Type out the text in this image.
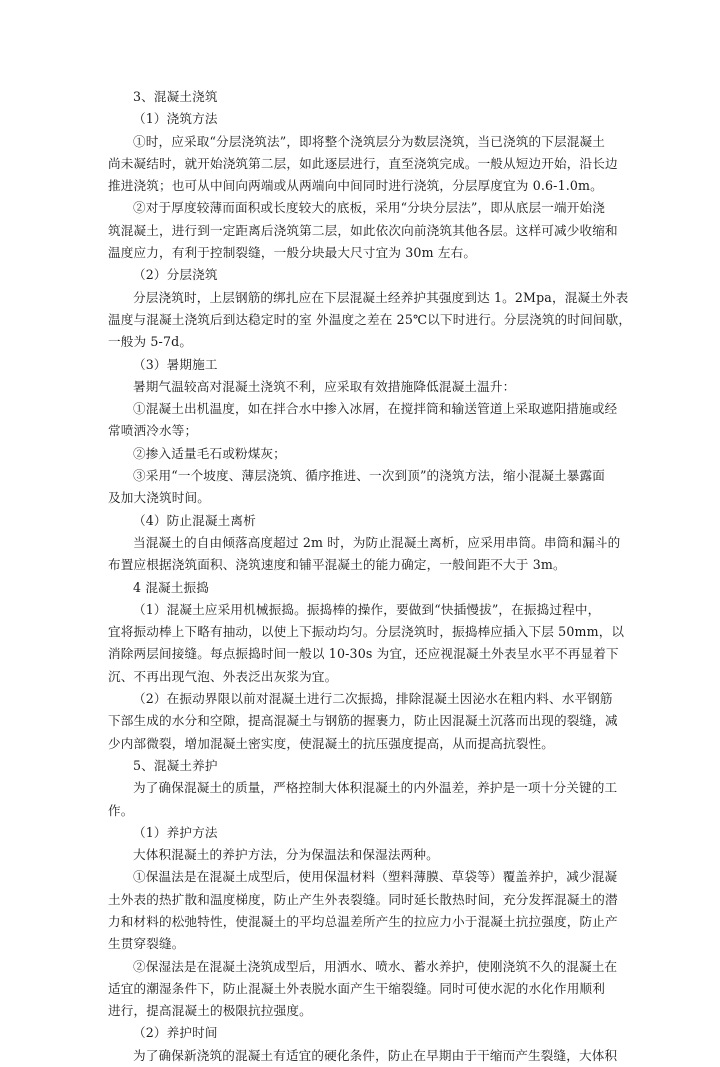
3、混凝土浇筑
（1）浇筑方法
①时，应采取“分层浇筑法”，即将整个浇筑层分为数层浇筑，当已浇筑的下层混凝土
尚未凝结时，就开始浇筑第二层，如此逐层进行，直至浇筑完成。一般从短边开始，沿长边
推进浇筑；也可从中间向两端或从两端向中间同时进行浇筑，分层厚度宜为 0.6-1.0m。
②对于厚度较薄而面积或长度较大的底板，采用“分块分层法”，即从底层一端开始浇
筑混凝土，进行到一定距离后浇筑第二层，如此依次向前浇筑其他各层。这样可减少收缩和
温度应力，有利于控制裂缝，一般分块最大尺寸宜为 30m 左右。
（2）分层浇筑
分层浇筑时，上层钢筋的绑扎应在下层混凝土经养护其强度到达 1。2Mpa，混凝土外表
温度与混凝土浇筑后到达稳定时的室 外温度之差在 25℃以下时进行。分层浇筑的时间间歇，
一般为 5-7d。
（3）暑期施工
暑期气温较高对混凝土浇筑不利，应采取有效措施降低混凝土温升：
①混凝土出机温度，如在拌合水中掺入冰屑，在搅拌筒和输送管道上采取遮阳措施或经
常喷洒冷水等；
②掺入适量毛石或粉煤灰；
③采用“一个坡度、薄层浇筑、循序推进、一次到顶”的浇筑方法，缩小混凝土暴露面
及加大浇筑时间。
（4）防止混凝土离析
当混凝土的自由倾落高度超过 2m 时，为防止混凝土离析，应采用串筒。串筒和漏斗的
布置应根据浇筑面积、浇筑速度和铺平混凝土的能力确定，一般间距不大于 3m。
4 混凝土振捣
（1）混凝土应采用机械振捣。振捣棒的操作，要做到“快插慢拔”，在振捣过程中，
宜将振动棒上下略有抽动，以使上下振动均匀。分层浇筑时，振捣棒应插入下层 50mm，以
消除两层间接缝。每点振捣时间一般以 10-30s 为宜，还应视混凝土外表呈水平不再显着下
沉、不再出现气泡、外表泛出灰浆为宜。
（2）在振动界限以前对混凝土进行二次振捣，排除混凝土因泌水在粗内料、水平钢筋
下部生成的水分和空隙，提高混凝土与钢筋的握裹力，防止因混凝土沉落而出现的裂缝，减
少内部微裂，增加混凝土密实度，使混凝土的抗压强度提高，从而提高抗裂性。
5、混凝土养护
为了确保混凝土的质量，严格控制大体积混凝土的内外温差，养护是一项十分关键的工
作。
（1）养护方法
大体积混凝土的养护方法，分为保温法和保湿法两种。
①保温法是在混凝土成型后，使用保温材料（塑料薄膜、草袋等）覆盖养护，减少混凝
土外表的热扩散和温度梯度，防止产生外表裂缝。同时延长散热时间，充分发挥混凝土的潜
力和材料的松弛特性，使混凝土的平均总温差所产生的拉应力小于混凝土抗拉强度，防止产
生贯穿裂缝。
②保湿法是在混凝土浇筑成型后，用洒水、喷水、蓄水养护，使刚浇筑不久的混凝土在
适宜的潮湿条件下，防止混凝土外表脱水面产生干缩裂缝。同时可使水泥的水化作用顺利
进行，提高混凝土的极限抗拉强度。
（2）养护时间
为了确保新浇筑的混凝土有适宜的硬化条件，防止在早期由于干缩而产生裂缝，大体积
